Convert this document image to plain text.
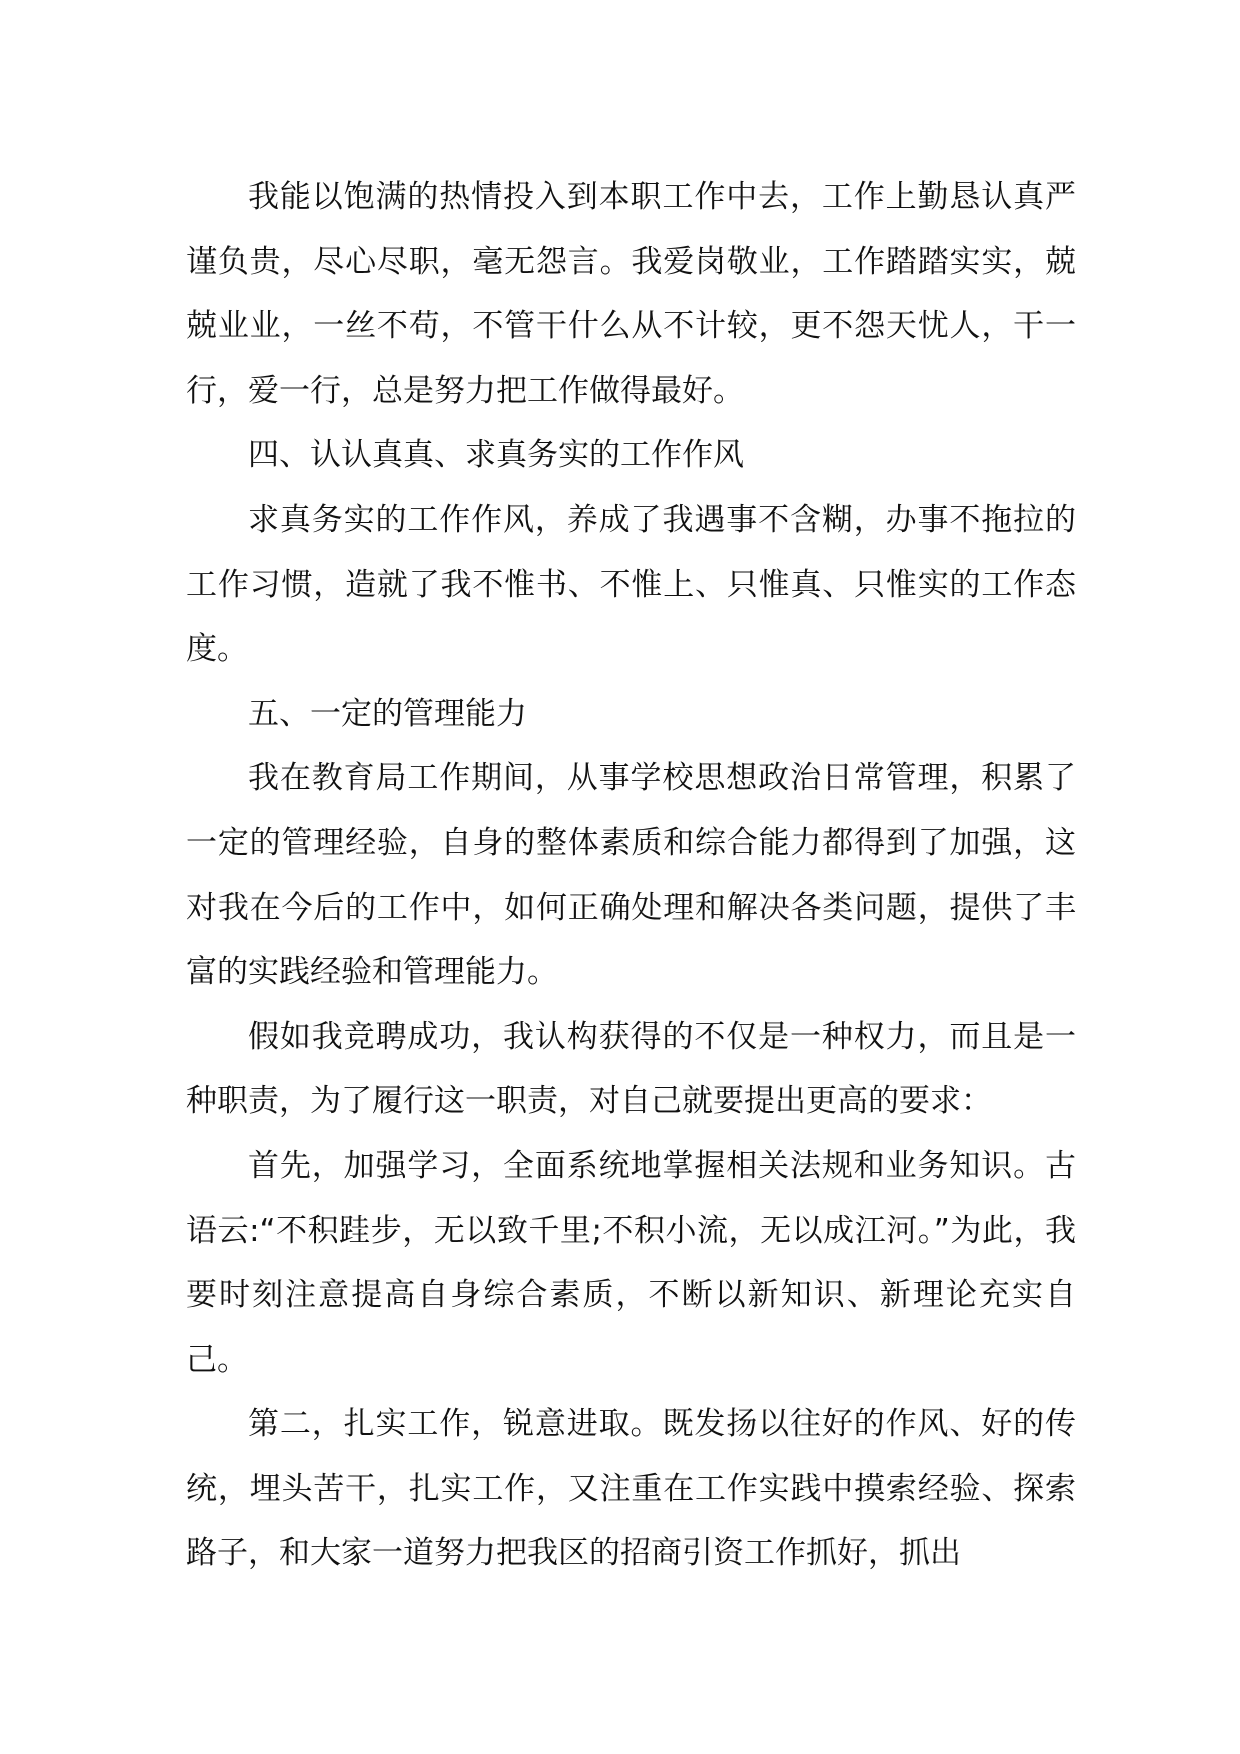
我能以饱满的热情投入到本职工作中去，工作上勤恳认真严谨负贵，尽心尽职，毫无怨言。我爱岗敬业，工作踏踏实实，兢兢业业，一丝不苟，不管干什么从不计较，更不怨天忧人，干一行，爱一行，总是努力把工作做得最好。

四、认认真真、求真务实的工作作风

求真务实的工作作风，养成了我遇事不含糊，办事不拖拉的工作习惯，造就了我不惟书、不惟上、只惟真、只惟实的工作态度。

五、一定的管理能力

我在教育局工作期间，从事学校思想政治日常管理，积累了一定的管理经验，自身的整体素质和综合能力都得到了加强，这对我在今后的工作中，如何正确处理和解决各类问题，提供了丰富的实践经验和管理能力。

假如我竞聘成功，我认构获得的不仅是一种权力，而且是一种职责，为了履行这一职责，对自己就要提出更高的要求：

首先，加强学习，全面系统地掌握相关法规和业务知识。古语云:“不积跬步，无以致千里;不积小流，无以成江河。”为此，我要时刻注意提高自身综合素质，不断以新知识、新理论充实自己。

第二，扎实工作，锐意进取。既发扬以往好的作风、好的传统，埋头苦干，扎实工作，又注重在工作实践中摸索经验、探索路子，和大家一道努力把我区的招商引资工作抓好，抓出
